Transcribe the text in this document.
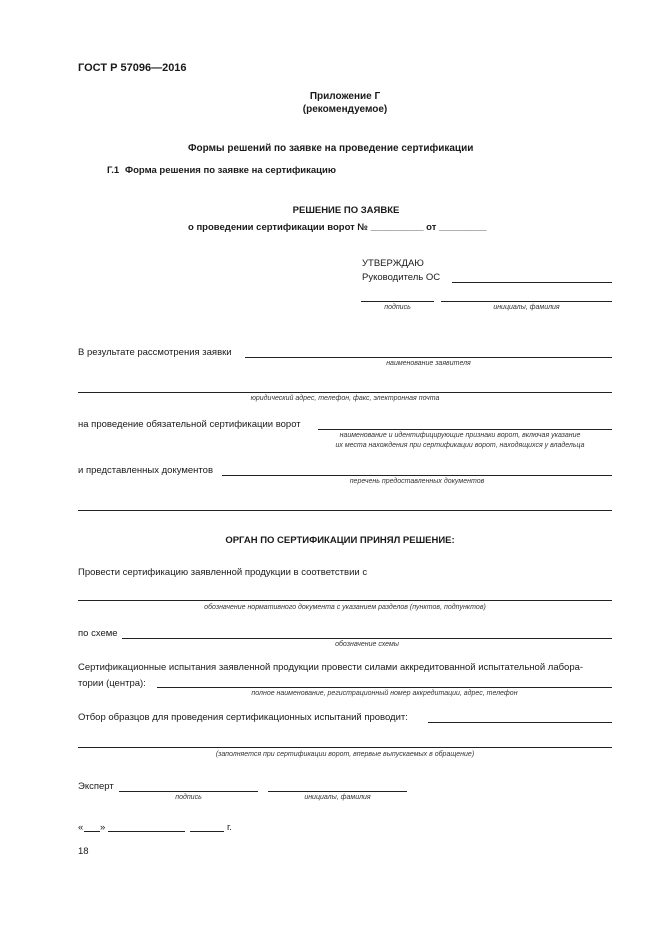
ГОСТ Р 57096—2016
Приложение Г
(рекомендуемое)
Формы решений по заявке на проведение сертификации
Г.1 Форма решения по заявке на сертификацию
РЕШЕНИЕ ПО ЗАЯВКЕ
о проведении сертификации ворот № __________ от _________
УТВЕРЖДАЮ
Руководитель ОС
подпись	инициалы, фамилия
В результате рассмотрения заявки
наименование заявителя
юридический адрес, телефон, факс, электронная почта
на проведение обязательной сертификации ворот
наименование и идентифицирующие признаки ворот, включая указание
их места нахождения при сертификации ворот, находящихся у владельца
и представленных документов
перечень предоставленных документов
ОРГАН ПО СЕРТИФИКАЦИИ ПРИНЯЛ РЕШЕНИЕ:
Провести сертификацию заявленной продукции в соответствии с
обозначение нормативного документа с указанием разделов (пунктов, подпунктов)
по схеме
обозначение схемы
Сертификационные испытания заявленной продукции провести силами аккредитованной испытательной лабора-
тории (центра):
полное наименование, регистрационный номер аккредитации, адрес, телефон
Отбор образцов для проведения сертификационных испытаний проводит:
(заполняется при сертификации ворот, впервые выпускаемых в обращение)
Эксперт
подпись	инициалы, фамилия
« »	г.
18
